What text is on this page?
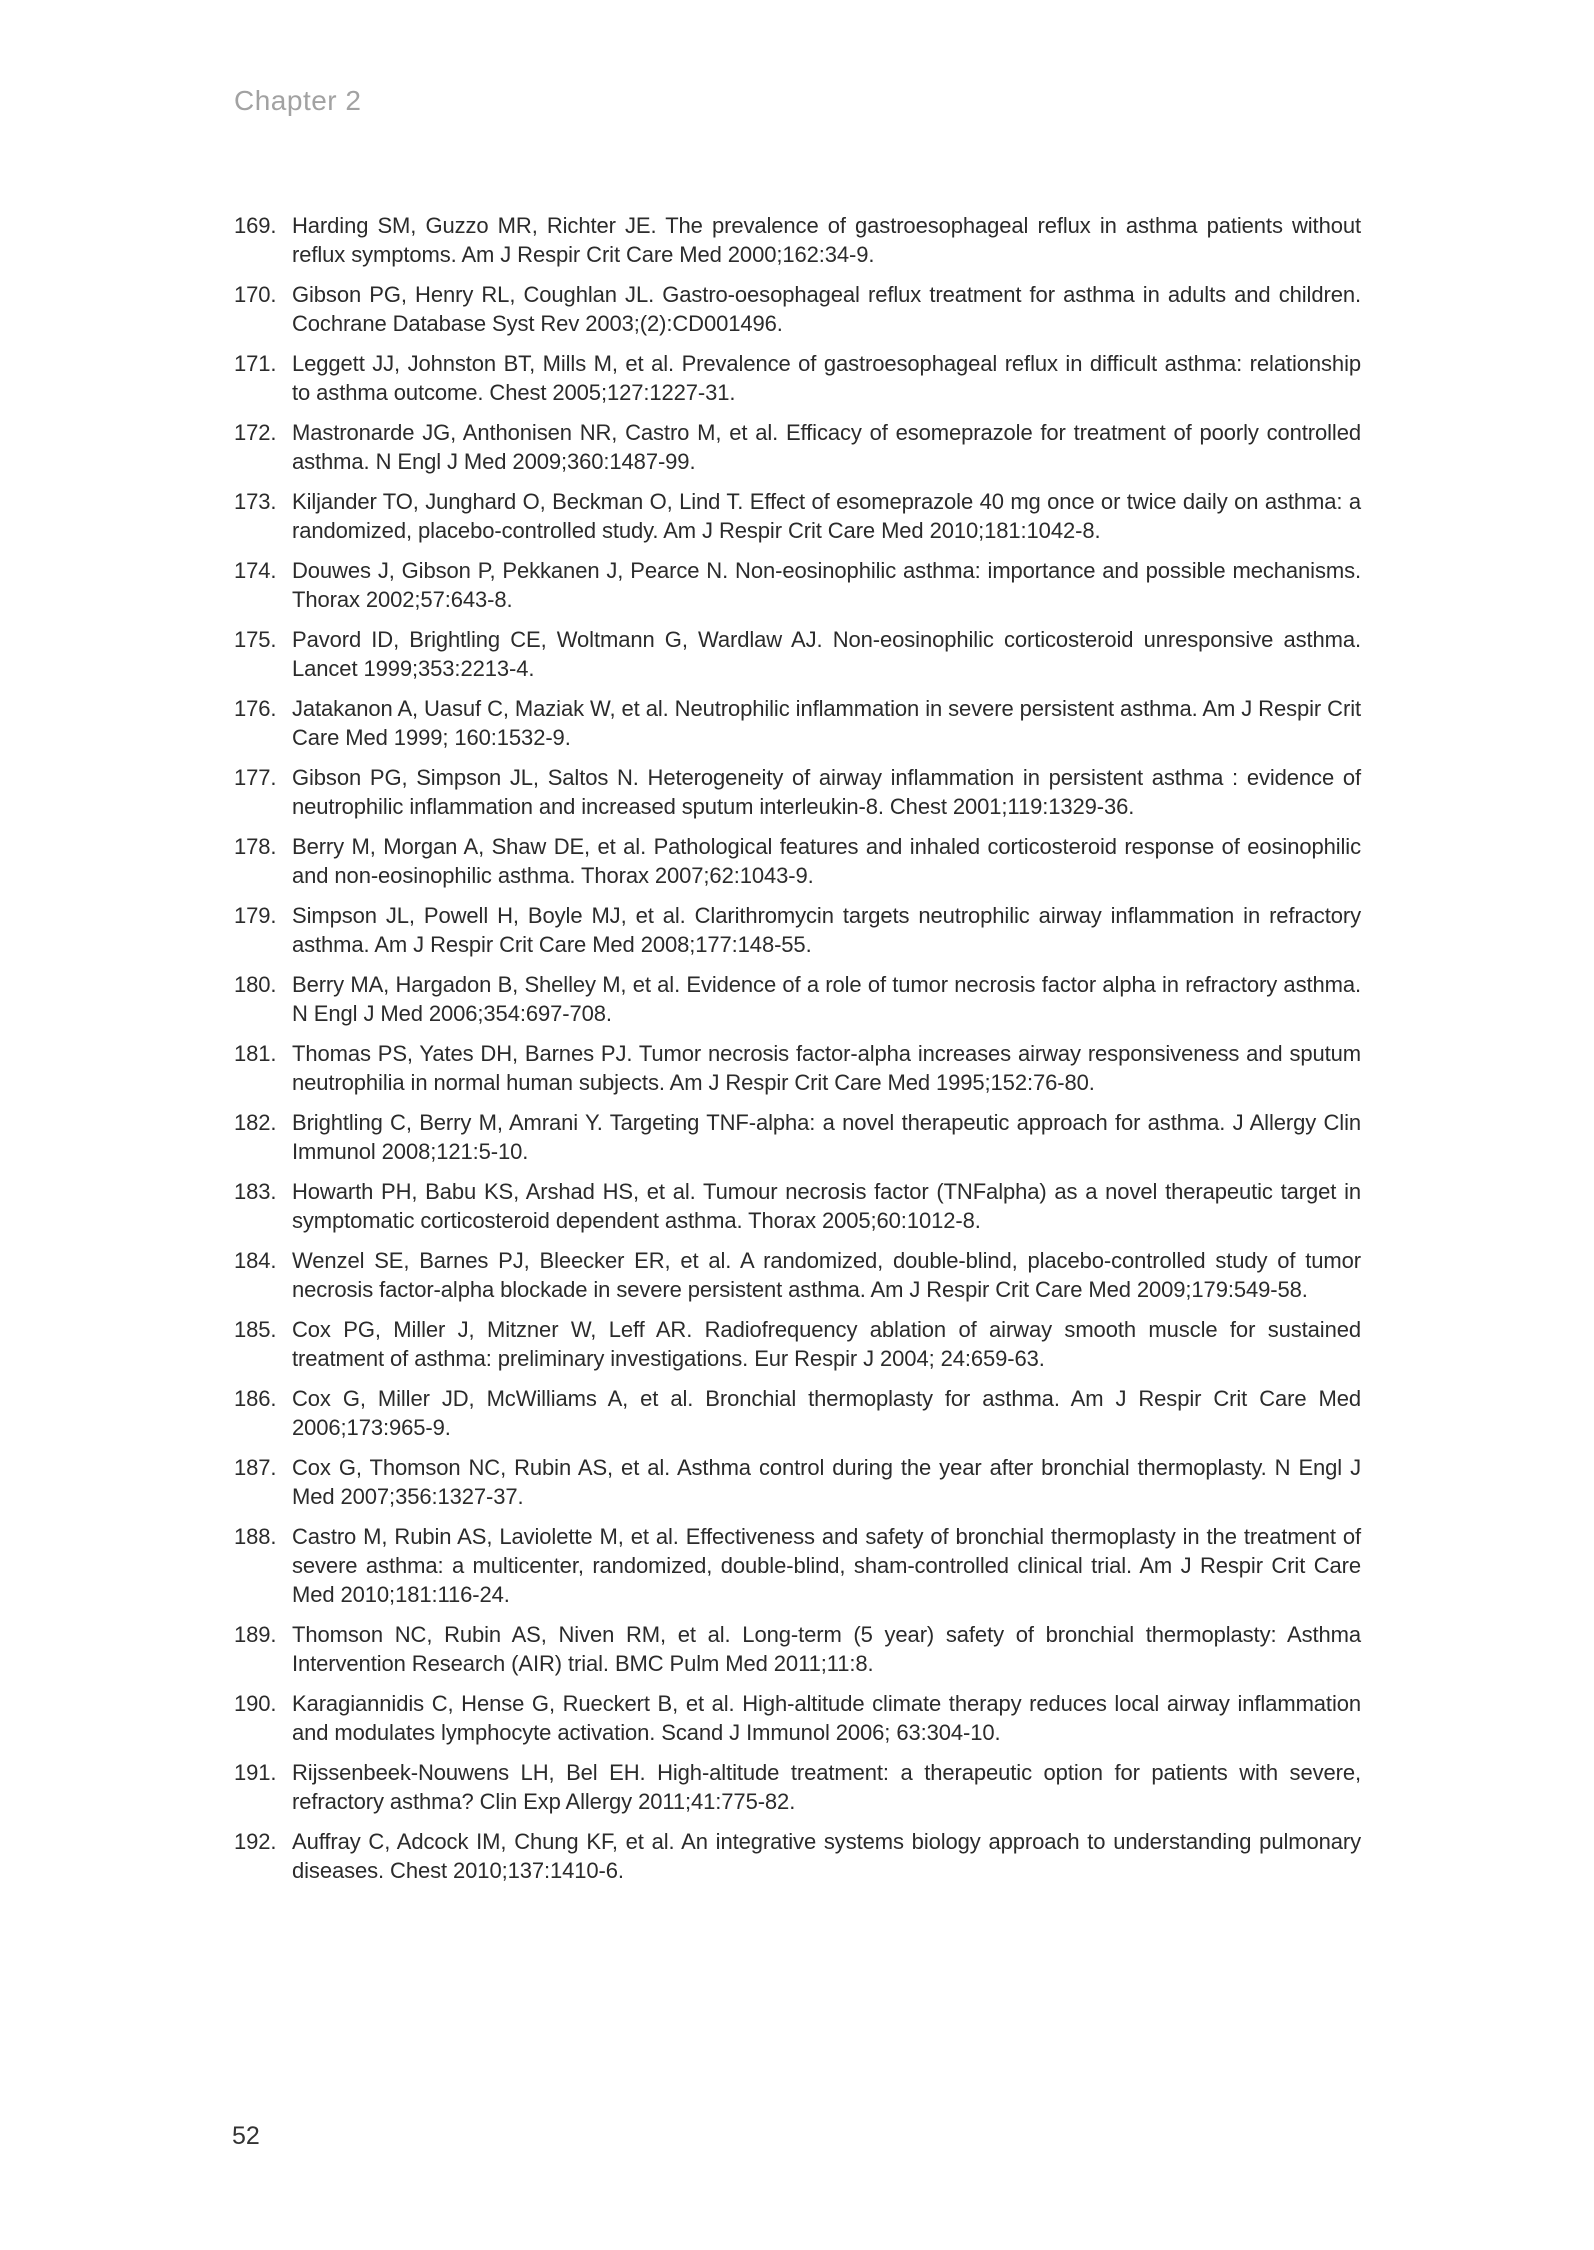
Chapter 2
169. Harding SM, Guzzo MR, Richter JE. The prevalence of gastroesophageal reflux in asthma patients without reflux symptoms. Am J Respir Crit Care Med 2000;162:34-9.
170. Gibson PG, Henry RL, Coughlan JL. Gastro-oesophageal reflux treatment for asthma in adults and children. Cochrane Database Syst Rev 2003;(2):CD001496.
171. Leggett JJ, Johnston BT, Mills M, et al. Prevalence of gastroesophageal reflux in difficult asthma: relationship to asthma outcome. Chest 2005;127:1227-31.
172. Mastronarde JG, Anthonisen NR, Castro M, et al. Efficacy of esomeprazole for treatment of poorly controlled asthma. N Engl J Med 2009;360:1487-99.
173. Kiljander TO, Junghard O, Beckman O, Lind T. Effect of esomeprazole 40 mg once or twice daily on asthma: a randomized, placebo-controlled study. Am J Respir Crit Care Med 2010;181:1042-8.
174. Douwes J, Gibson P, Pekkanen J, Pearce N. Non-eosinophilic asthma: importance and possible mechanisms. Thorax 2002;57:643-8.
175. Pavord ID, Brightling CE, Woltmann G, Wardlaw AJ. Non-eosinophilic corticosteroid unresponsive asthma. Lancet 1999;353:2213-4.
176. Jatakanon A, Uasuf C, Maziak W, et al. Neutrophilic inflammation in severe persistent asthma. Am J Respir Crit Care Med 1999; 160:1532-9.
177. Gibson PG, Simpson JL, Saltos N. Heterogeneity of airway inflammation in persistent asthma : evidence of neutrophilic inflammation and increased sputum interleukin-8. Chest 2001;119:1329-36.
178. Berry M, Morgan A, Shaw DE, et al. Pathological features and inhaled corticosteroid response of eosinophilic and non-eosinophilic asthma. Thorax 2007;62:1043-9.
179. Simpson JL, Powell H, Boyle MJ, et al. Clarithromycin targets neutrophilic airway inflammation in refractory asthma. Am J Respir Crit Care Med 2008;177:148-55.
180. Berry MA, Hargadon B, Shelley M, et al. Evidence of a role of tumor necrosis factor alpha in refractory asthma. N Engl J Med 2006;354:697-708.
181. Thomas PS, Yates DH, Barnes PJ. Tumor necrosis factor-alpha increases airway responsiveness and sputum neutrophilia in normal human subjects. Am J Respir Crit Care Med 1995;152:76-80.
182. Brightling C, Berry M, Amrani Y. Targeting TNF-alpha: a novel therapeutic approach for asthma. J Allergy Clin Immunol 2008;121:5-10.
183. Howarth PH, Babu KS, Arshad HS, et al. Tumour necrosis factor (TNFalpha) as a novel therapeutic target in symptomatic corticosteroid dependent asthma. Thorax 2005;60:1012-8.
184. Wenzel SE, Barnes PJ, Bleecker ER, et al. A randomized, double-blind, placebo-controlled study of tumor necrosis factor-alpha blockade in severe persistent asthma. Am J Respir Crit Care Med 2009;179:549-58.
185. Cox PG, Miller J, Mitzner W, Leff AR. Radiofrequency ablation of airway smooth muscle for sustained treatment of asthma: preliminary investigations. Eur Respir J 2004; 24:659-63.
186. Cox G, Miller JD, McWilliams A, et al. Bronchial thermoplasty for asthma. Am J Respir Crit Care Med 2006;173:965-9.
187. Cox G, Thomson NC, Rubin AS, et al. Asthma control during the year after bronchial thermoplasty. N Engl J Med 2007;356:1327-37.
188. Castro M, Rubin AS, Laviolette M, et al. Effectiveness and safety of bronchial thermoplasty in the treatment of severe asthma: a multicenter, randomized, double-blind, sham-controlled clinical trial. Am J Respir Crit Care Med 2010;181:116-24.
189. Thomson NC, Rubin AS, Niven RM, et al. Long-term (5 year) safety of bronchial thermoplasty: Asthma Intervention Research (AIR) trial. BMC Pulm Med 2011;11:8.
190. Karagiannidis C, Hense G, Rueckert B, et al. High-altitude climate therapy reduces local airway inflammation and modulates lymphocyte activation. Scand J Immunol 2006; 63:304-10.
191. Rijssenbeek-Nouwens LH, Bel EH. High-altitude treatment: a therapeutic option for patients with severe, refractory asthma? Clin Exp Allergy 2011;41:775-82.
192. Auffray C, Adcock IM, Chung KF, et al. An integrative systems biology approach to understanding pulmonary diseases. Chest 2010;137:1410-6.
52
